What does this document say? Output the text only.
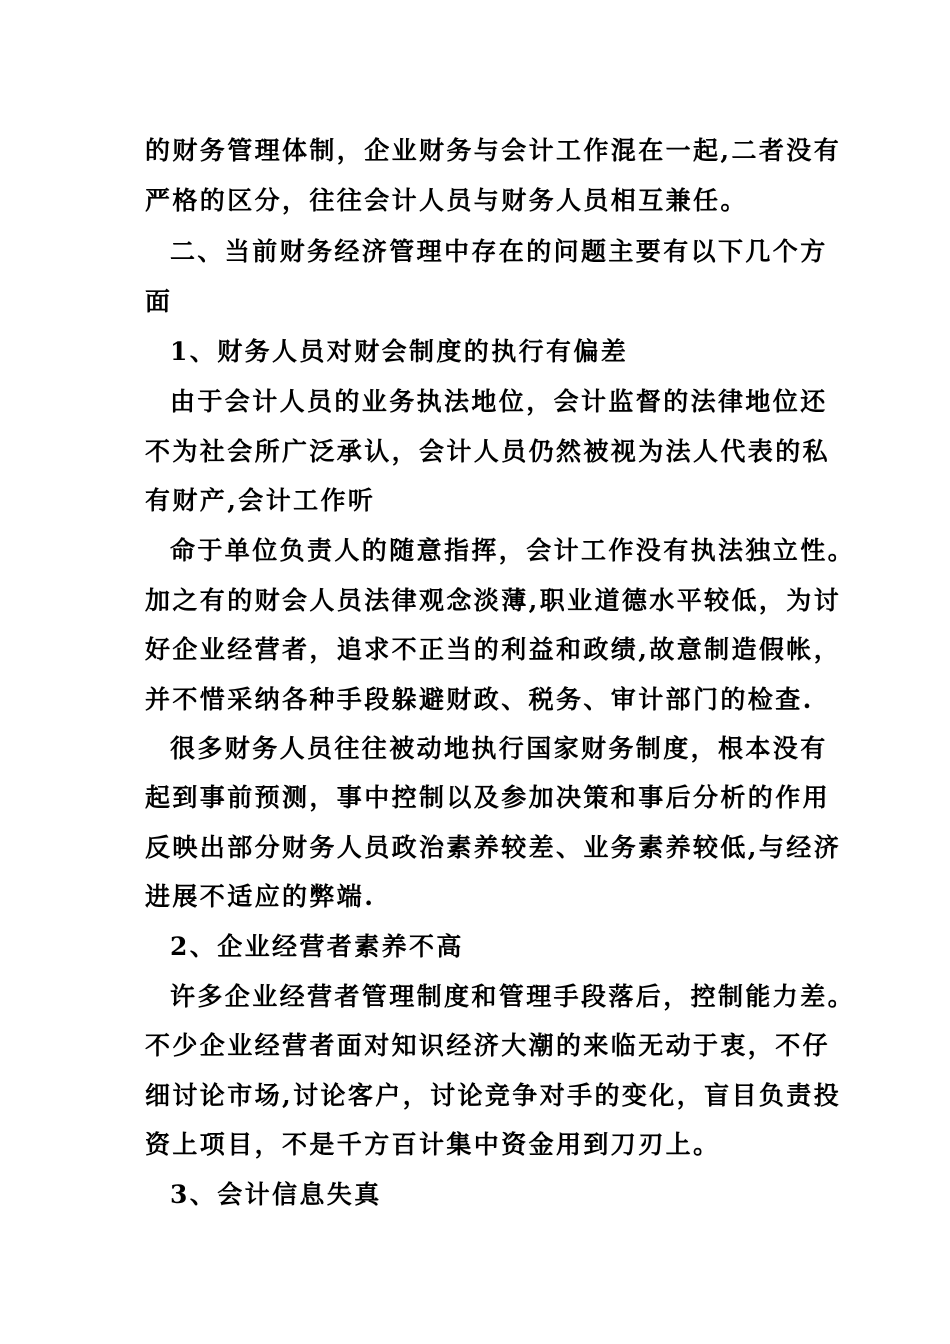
的财务管理体制，企业财务与会计工作混在一起,二者没有
严格的区分，往往会计人员与财务人员相互兼任。
二、当前财务经济管理中存在的问题主要有以下几个方
面
1、财务人员对财会制度的执行有偏差
由于会计人员的业务执法地位，会计监督的法律地位还
不为社会所广泛承认，会计人员仍然被视为法人代表的私
有财产,会计工作听
命于单位负责人的随意指挥，会计工作没有执法独立性。
加之有的财会人员法律观念淡薄,职业道德水平较低，为讨
好企业经营者，追求不正当的利益和政绩,故意制造假帐，
并不惜采纳各种手段躲避财政、税务、审计部门的检查.
很多财务人员往往被动地执行国家财务制度，根本没有
起到事前预测，事中控制以及参加决策和事后分析的作用
反映出部分财务人员政治素养较差、业务素养较低,与经济
进展不适应的弊端.
2、企业经营者素养不高
许多企业经营者管理制度和管理手段落后，控制能力差。
不少企业经营者面对知识经济大潮的来临无动于衷，不仔
细讨论市场,讨论客户，讨论竞争对手的变化，盲目负责投
资上项目，不是千方百计集中资金用到刀刃上。
3、会计信息失真
